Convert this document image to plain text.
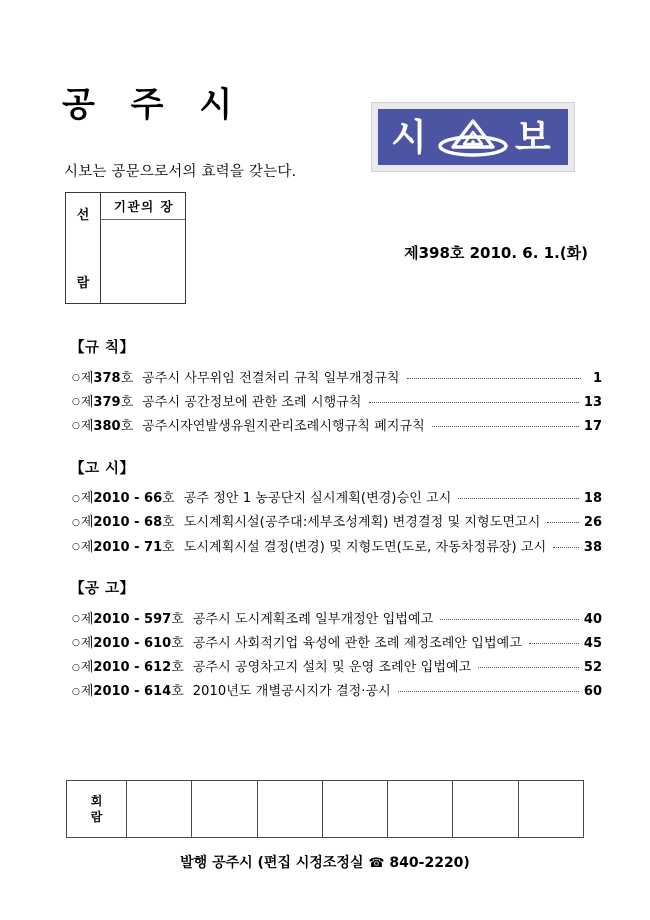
공 주 시
시보는 공문으로서의 효력을 갖는다.
시 보
선
람
기관의 장
제398호 2010. 6. 1.(화)
【규 칙】
○ 제378호 공주시 사무위임 전결처리 규칙 일부개정규칙	1
○ 제379호 공주시 공간정보에 관한 조례 시행규칙	13
○ 제380호 공주시자연발생유원지관리조례시행규칙 폐지규칙	17
【고 시】
○ 제2010 - 66호 공주 정안 1 농공단지 실시계획(변경)승인 고시	18
○ 제2010 - 68호 도시계획시설(공주대:세부조성계획) 변경결정 및 지형도면고시	26
○ 제2010 - 71호 도시계획시설 결정(변경) 및 지형도면(도로, 자동차정류장) 고시	38
【공 고】
○ 제2010 - 597호 공주시 도시계획조례 일부개정안 입법예고	40
○ 제2010 - 610호 공주시 사회적기업 육성에 관한 조례 제정조례안 입법예고	45
○ 제2010 - 612호 공주시 공영차고지 설치 및 운영 조례안 입법예고	52
○ 제2010 - 614호 2010년도 개별공시지가 결정·공시	60
회
람
발행 공주시 (편집 시정조정실 ☎ 840-2220)
